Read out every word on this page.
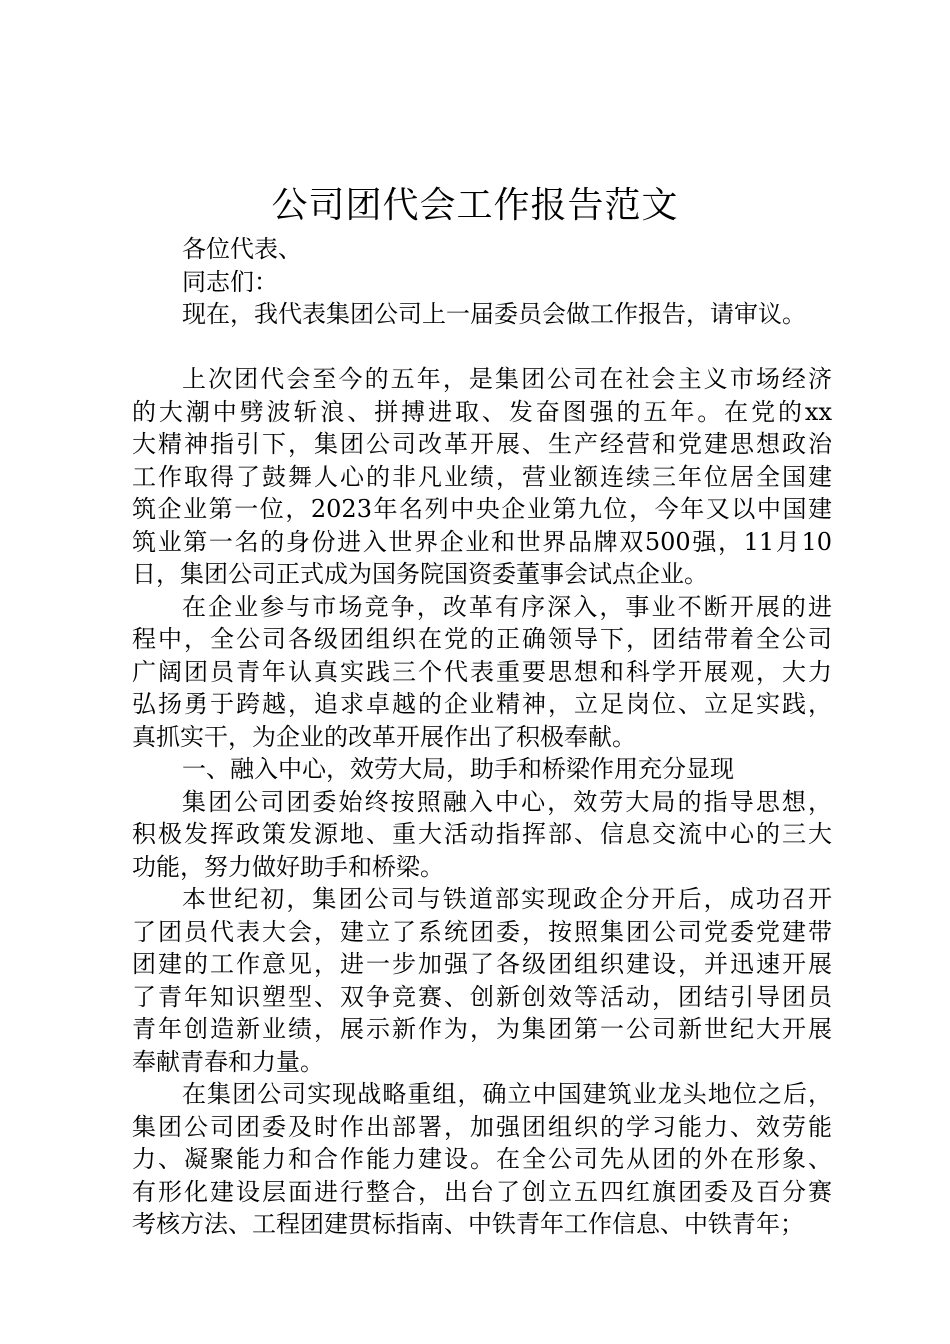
公司团代会工作报告范文
各位代表、
同志们：
现在，我代表集团公司上一届委员会做工作报告，请审议。
上次团代会至今的五年，是集团公司在社会主义市场经济
的大潮中劈波斩浪、拼搏进取、发奋图强的五年。在党的xx
大精神指引下，集团公司改革开展、生产经营和党建思想政治
工作取得了鼓舞人心的非凡业绩，营业额连续三年位居全国建
筑企业第一位，2023年名列中央企业第九位，今年又以中国建
筑业第一名的身份进入世界企业和世界品牌双500强，11月10
日，集团公司正式成为国务院国资委董事会试点企业。
在企业参与市场竞争，改革有序深入，事业不断开展的进
程中，全公司各级团组织在党的正确领导下，团结带着全公司
广阔团员青年认真实践三个代表重要思想和科学开展观，大力
弘扬勇于跨越，追求卓越的企业精神，立足岗位、立足实践，
真抓实干，为企业的改革开展作出了积极奉献。
一、融入中心，效劳大局，助手和桥梁作用充分显现
集团公司团委始终按照融入中心，效劳大局的指导思想，
积极发挥政策发源地、重大活动指挥部、信息交流中心的三大
功能，努力做好助手和桥梁。
本世纪初，集团公司与铁道部实现政企分开后，成功召开
了团员代表大会，建立了系统团委，按照集团公司党委党建带
团建的工作意见，进一步加强了各级团组织建设，并迅速开展
了青年知识塑型、双争竞赛、创新创效等活动，团结引导团员
青年创造新业绩，展示新作为，为集团第一公司新世纪大开展
奉献青春和力量。
在集团公司实现战略重组，确立中国建筑业龙头地位之后，
集团公司团委及时作出部署，加强团组织的学习能力、效劳能
力、凝聚能力和合作能力建设。在全公司先从团的外在形象、
有形化建设层面进行整合，出台了创立五四红旗团委及百分赛
考核方法、工程团建贯标指南、中铁青年工作信息、中铁青年；
